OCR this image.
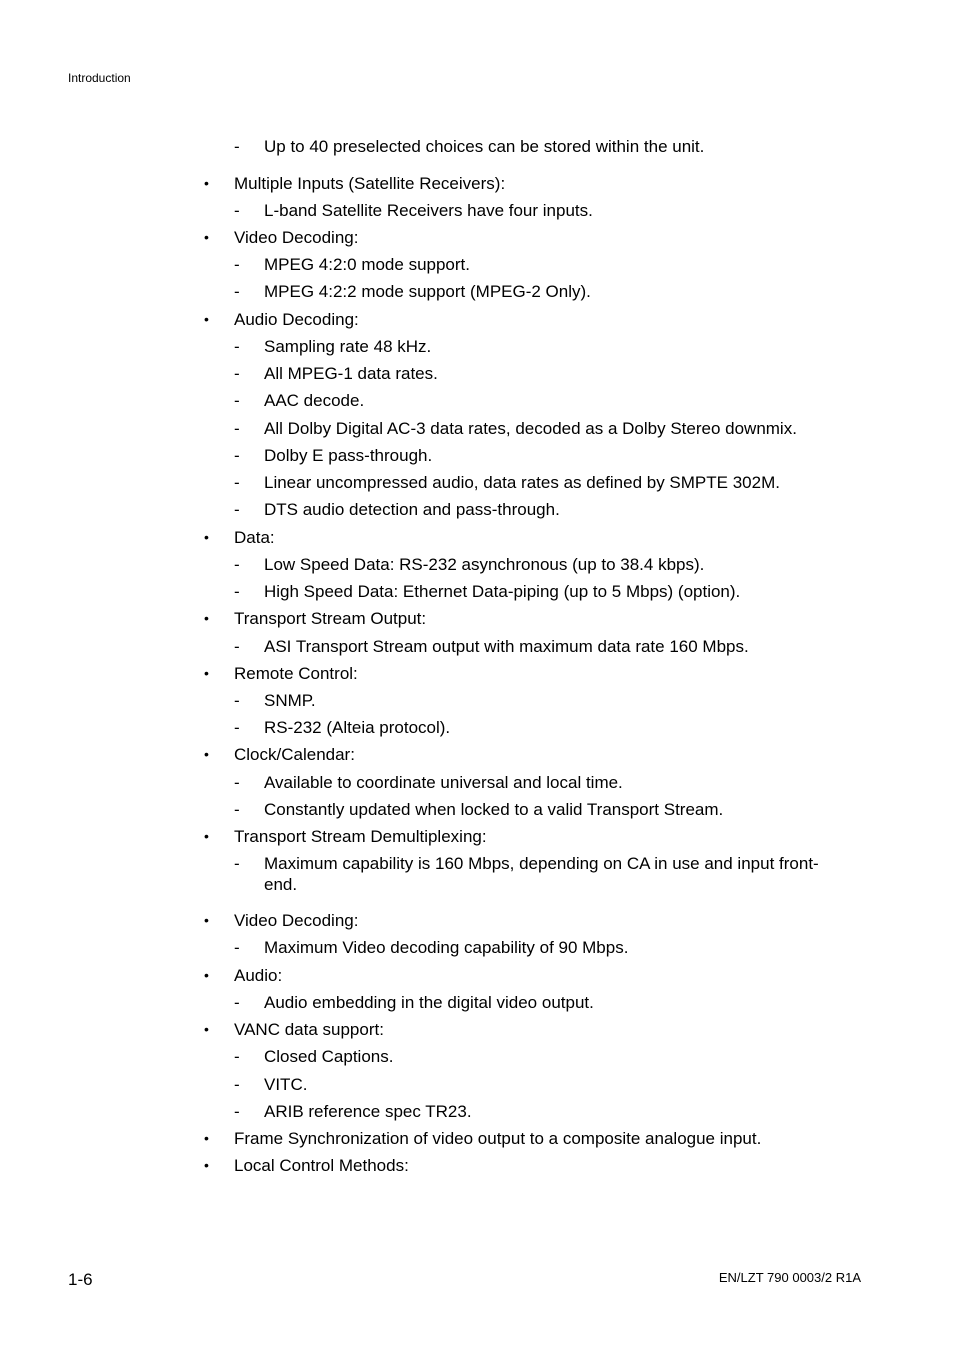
Introduction
- Up to 40 preselected choices can be stored within the unit.
• Multiple Inputs (Satellite Receivers):
- L-band Satellite Receivers have four inputs.
• Video Decoding:
- MPEG 4:2:0 mode support.
- MPEG 4:2:2 mode support (MPEG-2 Only).
• Audio Decoding:
- Sampling rate 48 kHz.
- All MPEG-1 data rates.
- AAC decode.
- All Dolby Digital AC-3 data rates, decoded as a Dolby Stereo downmix.
- Dolby E pass-through.
- Linear uncompressed audio, data rates as defined by SMPTE 302M.
- DTS audio detection and pass-through.
• Data:
- Low Speed Data: RS-232 asynchronous (up to 38.4 kbps).
- High Speed Data: Ethernet Data-piping (up to 5 Mbps) (option).
• Transport Stream Output:
- ASI Transport Stream output with maximum data rate 160 Mbps.
• Remote Control:
- SNMP.
- RS-232 (Alteia protocol).
• Clock/Calendar:
- Available to coordinate universal and local time.
- Constantly updated when locked to a valid Transport Stream.
• Transport Stream Demultiplexing:
- Maximum capability is 160 Mbps, depending on CA in use and input front-end.
• Video Decoding:
- Maximum Video decoding capability of 90 Mbps.
• Audio:
- Audio embedding in the digital video output.
• VANC data support:
- Closed Captions.
- VITC.
- ARIB reference spec TR23.
• Frame Synchronization of video output to a composite analogue input.
• Local Control Methods:
1-6	EN/LZT 790 0003/2 R1A
